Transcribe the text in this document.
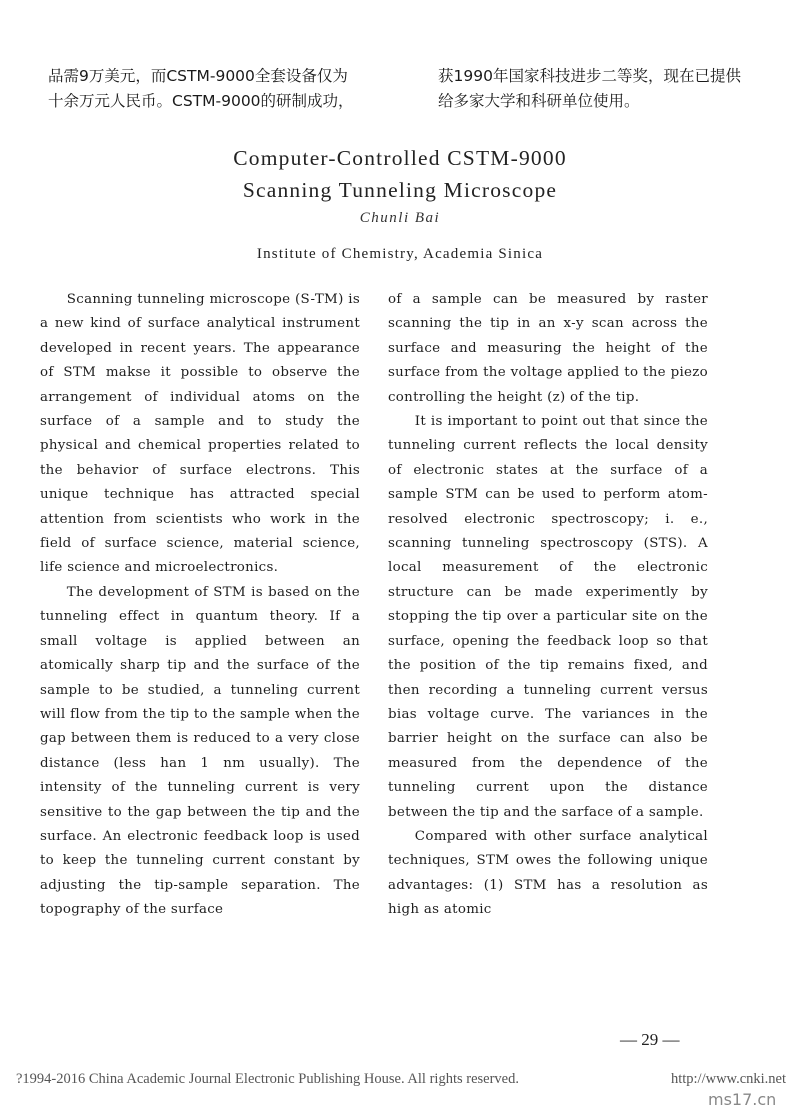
品需9万美元，而CSTM-9000全套设备仅为

十余万元人民币。CSTM-9000的研制成功，

获1990年国家科技进步二等奖，现在已提供

给多家大学和科研单位使用。

Computer-Controlled CSTM-9000

Scanning Tunneling Microscope

Chunli Bai
Institute of Chemistry, Academia Sinica

Scanning tunneling microscope (S-TM) is a new kind of surface analytical instrument developed in recent years. The appearance of STM makse it possible to observe the arrangement of individual atoms on the surface of a sample and to study the physical and chemical properties related to the behavior of surface electrons. This unique technique has attracted special attention from scientists who work in the field of surface science, material science, life science and microelectronics.

The development of STM is based on the tunneling effect in quantum theory. If a small voltage is applied between an atomically sharp tip and the surface of the sample to be studied, a tunneling current will flow from the tip to the sample when the gap between them is reduced to a very close distance (less han 1 nm usually). The intensity of the tunneling current is very sensitive to the gap between the tip and the surface. An electronic feedback loop is used to keep the tunneling current constant by adjusting the tip-sample separation. The topography of the surface

of a sample can be measured by raster scanning the tip in an x-y scan across the surface and measuring the height of the surface from the voltage applied to the piezo controlling the height (z) of the tip.

It is important to point out that since the tunneling current reflects the local density of electronic states at the surface of a sample STM can be used to perform atom-resolved electronic spectroscopy; i. e., scanning tunneling spectroscopy (STS). A local measurement of the electronic structure can be made experimently by stopping the tip over a particular site on the surface, opening the feedback loop so that the position of the tip remains fixed, and then recording a tunneling current versus bias voltage curve. The variances in the barrier height on the surface can also be measured from the dependence of the tunneling current upon the distance between the tip and the sarface of a sample.

Compared with other surface analytical techniques, STM owes the following unique advantages: (1) STM has a resolution as high as atomic

— 29 —
?1994-2016 China Academic Journal Electronic Publishing House. All rights reserved.	http://www.cnki.net
ms17.cn
